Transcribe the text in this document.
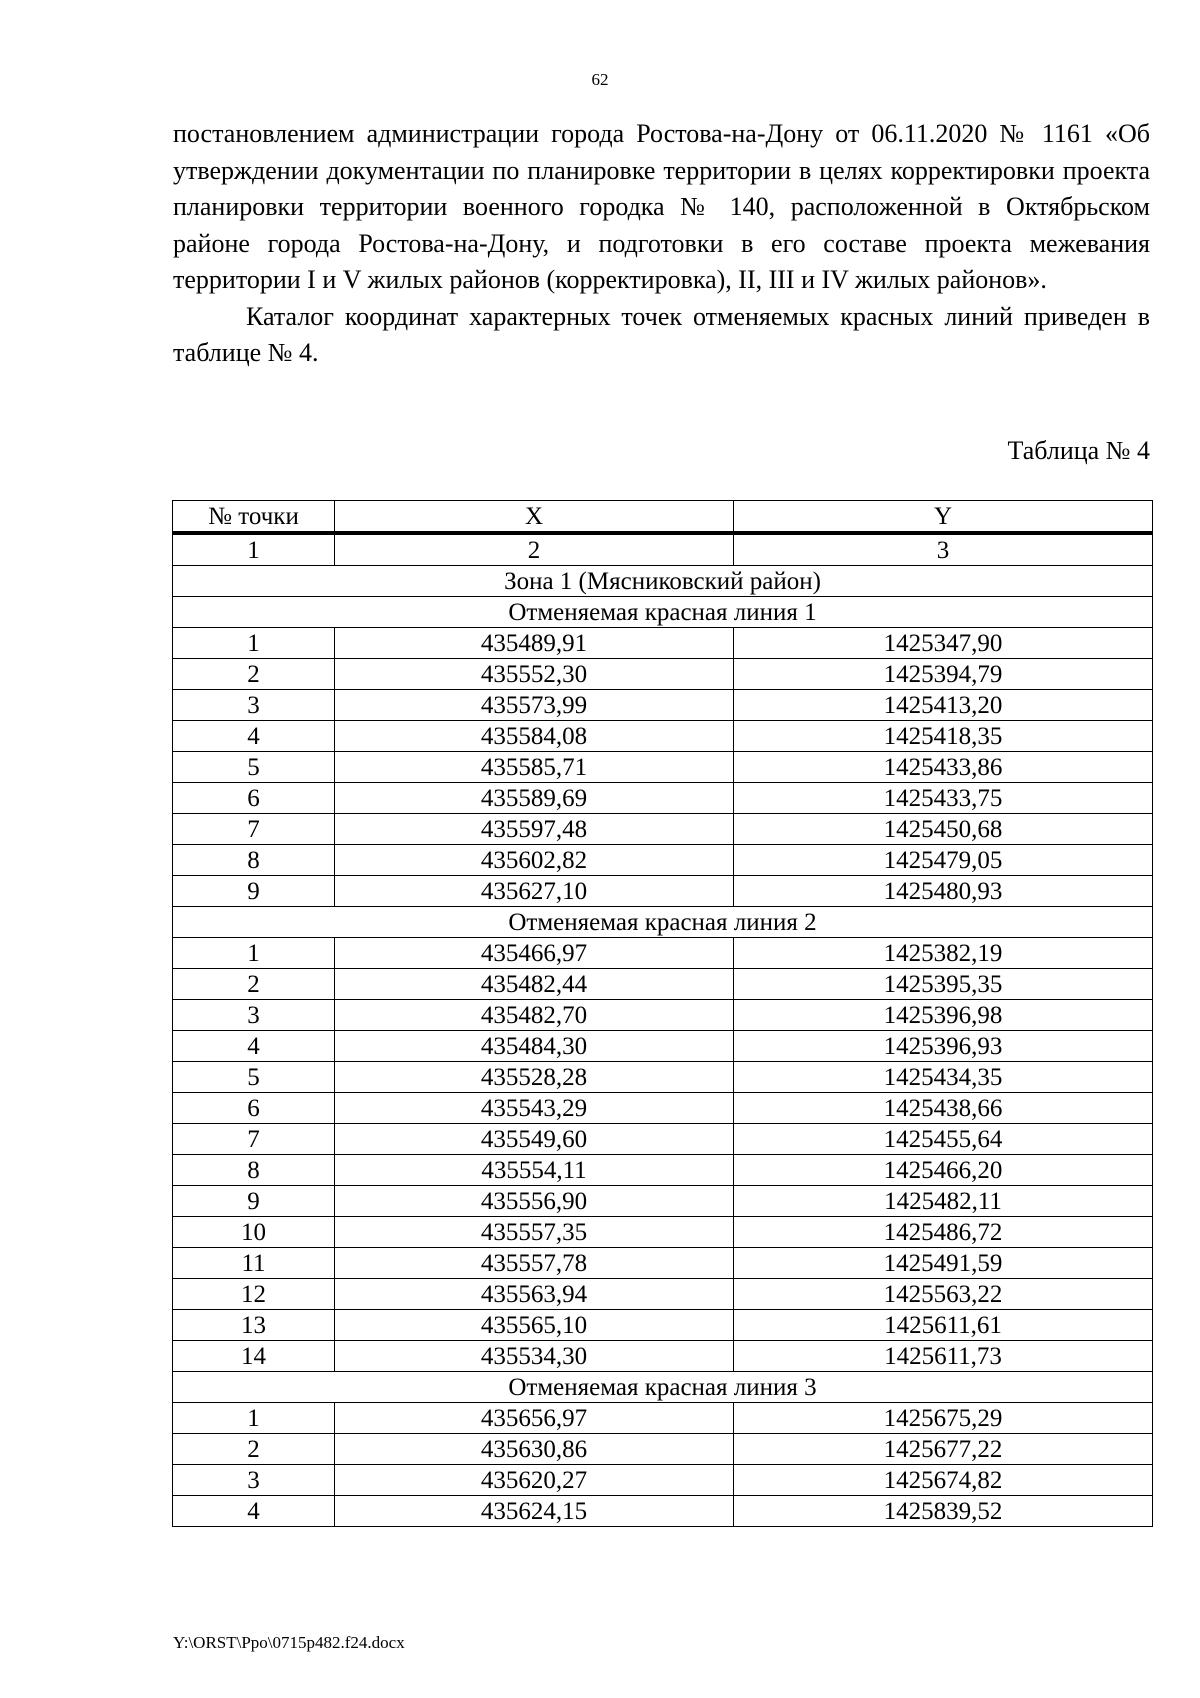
62

постановлением администрации города Ростова-на-Дону от 06.11.2020 № 1161 «Об утверждении документации по планировке территории в целях корректировки проекта планировки территории военного городка № 140, расположенной в Октябрьском районе города Ростова-на-Дону, и подготовки в его составе проекта межевания территории I и V жилых районов (корректировка), II, III и IV жилых районов».

Каталог координат характерных точек отменяемых красных линий приведен в таблице № 4.

Таблица № 4
№ точки	X	Y
1	2	3
Зона 1 (Мясниковский район)		
Отменяемая красная линия 1		
1	435489,91	1425347,90
2	435552,30	1425394,79
3	435573,99	1425413,20
4	435584,08	1425418,35
5	435585,71	1425433,86
6	435589,69	1425433,75
7	435597,48	1425450,68
8	435602,82	1425479,05
9	435627,10	1425480,93
Отменяемая красная линия 2		
1	435466,97	1425382,19
2	435482,44	1425395,35
3	435482,70	1425396,98
4	435484,30	1425396,93
5	435528,28	1425434,35
6	435543,29	1425438,66
7	435549,60	1425455,64
8	435554,11	1425466,20
9	435556,90	1425482,11
10	435557,35	1425486,72
11	435557,78	1425491,59
12	435563,94	1425563,22
13	435565,10	1425611,61
14	435534,30	1425611,73
Отменяемая красная линия 3		
1	435656,97	1425675,29
2	435630,86	1425677,22
3	435620,27	1425674,82
4	435624,15	1425839,52
Y:\ORST\Ppo\0715p482.f24.docx
